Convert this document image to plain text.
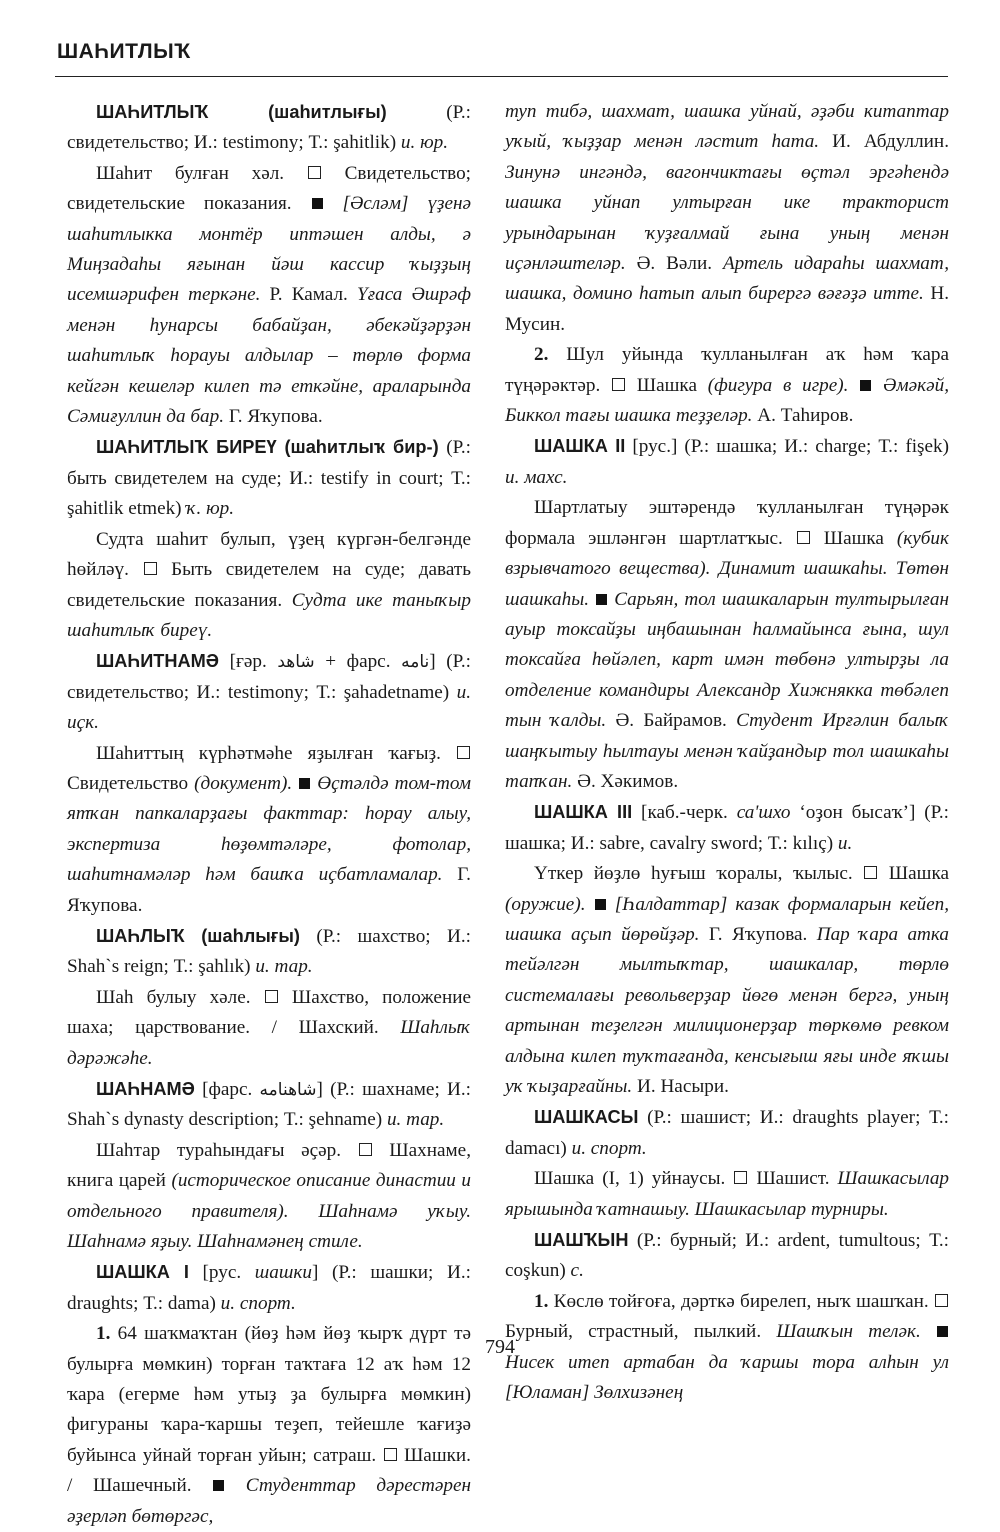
ШАҺИТЛЫҠ

ШАҺИТЛЫҠ (шаһитлығы) (Р.: свидетельство; И.: testimony; Т.: şahitlik) и. юр.

Шаһит булған хәл.  Свидетельство; свидетельские показания.  [Әсләм] үҙенә шаһитлыкка монтёр иптәшен алды, ә Миңзадаһы яғынан йәш кассир ҡыҙҙың исемшәрифен теркәне. Р. Камал. Үғаса Әшрәф менән һунарсы бабайҙан, әбекәйҙәрҙән шаһитлыҡ һорауы алдылар – төрлө форма кейгән кешеләр килеп тә еткәйне, араларында Сәмиғуллин да бар. Г. Яҡупова.

ШАҺИТЛЫҠ БИРЕҮ (шаһитлыҡ бир-) (Р.: быть свидетелем на суде; И.: testify in court; Т.: şahitlik etmek) ҡ. юр.

Судта шаһит булып, үҙең күргән-белгәнде һөйләү.  Быть свидетелем на суде; давать свидетельские показания. Судта ике таныҡыр шаһитлыҡ биреү.

ШАҺИТНАМӘ [ғәр. شاهد + фарс. نامه] (Р.: свидетельство; И.: testimony; Т.: şahadetname) и. иҫк.

Шаһиттың күрһәтмәһе яҙылған ҡағыҙ.  Свидетельство (документ).  Өҫтәлдә том-том ятҡан папкаларҙағы факттар: һорау алыу, экспертиза һөҙөмтәләре, фотолар, шаһитнамәләр һәм башҡа иҫбатламалар. Г. Яҡупова.

ШАҺЛЫҠ (шаһлығы) (Р.: шахство; И.: Shah`s reign; Т.: şahlık) и. тар.

Шаһ булыу хәле.  Шахство, положение шаха; царствование. / Шахский. Шаһлыҡ дәрәжәһе.

ШАҺНАМӘ [фарс. شاهنامه] (Р.: шахнаме; И.: Shah`s dynasty description; Т.: şehname) и. тар.

Шаһтар тураһындағы әҫәр.  Шахнаме, книга царей (историческое описание династии и отдельного правителя). Шаһнамә уҡыу. Шаһнамә яҙыу. Шаһнамәнең стиле.

ШАШКА I [рус. шашки] (Р.: шашки; И.: draughts; Т.: dama) и. спорт.

1. 64 шаҡмаҡтан (йөҙ һәм йөҙ ҡырҡ дүрт тә булырға мөмкин) торған таҡтаға 12 аҡ һәм 12 ҡара (егерме һәм утыҙ ҙа булырға мөмкин) фигураны ҡара-ҡаршы теҙеп, тейешле ҡағиҙә буйынса уйнай торған уйын; сатраш.  Шашки. / Шашечный.  Студенттар дәрестәрен әҙерләп бөтөргәс,

туп тибә, шахмат, шашка уйнай, әҙәби китаптар уҡый, ҡыҙҙар менән ләстит һата. И. Абдуллин. Зинунә ингәндә, вагончиктағы өҫтәл эргәһендә шашка уйнап ултырған ике тракторист урындарынан ҡуҙғалмай ғына уның менән иҫәнләштеләр. Ә. Вәли. Артель идараһы шахмат, шашка, домино һатып алып бирергә вәғәҙә итте. Н. Мусин.

2. Шул уйында ҡулланылған аҡ һәм ҡара түңәрәктәр.  Шашка (фигура в игре).  Әмәкәй, Биккол тағы шашка теҙҙеләр. А. Таһиров.

ШАШКА II [рус.] (Р.: шашка; И.: charge; Т.: fişek) и. махс.

Шартлатыу эштәрендә ҡулланылған түңәрәк формала эшләнгән шартлатҡыс.  Шашка (кубик взрывчатого вещества). Динамит шашкаһы. Төтөн шашкаһы.  Сарьян, тол шашкаларын тултырылған ауыр токсайҙы иңбашынан һалмайынса ғына, шул токсайға һөйәлеп, карт имән төбөнә ултырҙы ла отделение командиры Александр Хижнякка төбәлеп тын ҡалды. Ә. Байрамов. Студент Ирғәлин балыҡ шаңҡытыу һылтауы менән ҡайҙандыр тол шашкаһы тапҡан. Ә. Хәкимов.

ШАШКА III [каб.-черк. са'шхо ‘оҙон бысаҡ’] (Р.: шашка; И.: sabre, cavalry sword; Т.: kılıç) и.

Үткер йөҙлө һуғыш ҡоралы, ҡылыс.  Шашка (оружие).  [Һалдаттар] казак формаларын кейеп, шашка аҫып йөрөйҙәр. Г. Яҡупова. Пар ҡара атка тейәлгән мылтыҡтар, шашкалар, төрлө системалағы револьверҙар йөгө менән бергә, уның артынан теҙелгән милиционерҙар төркөмө ревком алдына килеп туҡтағанда, кенсығыш яғы инде яҡшы уҡ ҡыҙарғайны. И. Насыри.

ШАШКАСЫ (Р.: шашист; И.: draughts player; Т.: damacı) и. спорт.

Шашка (I, 1) уйнаусы.  Шашист. Шашкасылар ярышында ҡатнашыу. Шашкасылар турниры.

ШАШҠЫН (Р.: бурный; И.: ardent, tumultous; Т.: coşkun) с.

1. Көслө тойғоға, дәрткә бирелеп, ныҡ шашҡан.  Бурный, страстный, пылкий. Шашҡын теләк.  Нисек итеп артабан да ҡаршы тора алһын ул [Юламан] Зөлхизәнең

794
